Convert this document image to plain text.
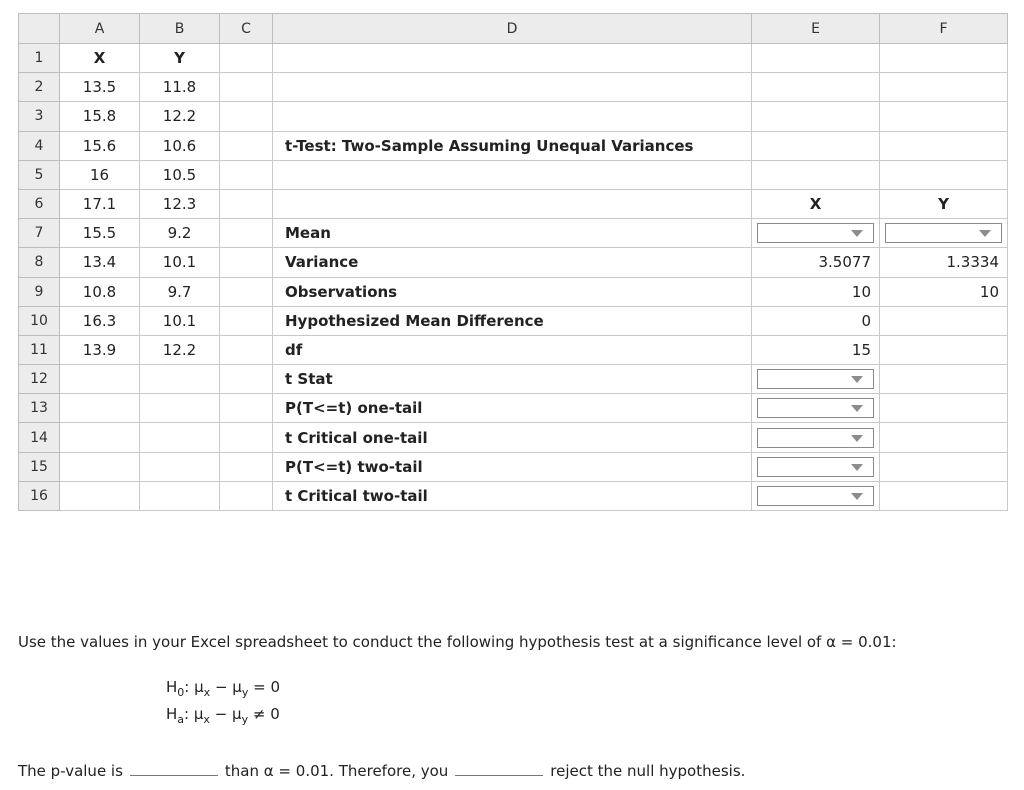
	A	B	C	D	E	F
1	X	Y				
2	13.5	11.8				
3	15.8	12.2				
4	15.6	10.6		t-Test: Two-Sample Assuming Unequal Variances		
5	16	10.5				
6	17.1	12.3			X	Y
7	15.5	9.2		Mean	

8	13.4	10.1		Variance	3.5077	1.3334
9	10.8	9.7		Observations	10	10
10	16.3	10.1		Hypothesized Mean Difference	0	
11	13.9	12.2		df	15	
12				t Stat	

13				P(T<=t) one-tail	

14				t Critical one-tail	

15				P(T<=t) two-tail	

16				t Critical two-tail	

Use the values in your Excel spreadsheet to conduct the following hypothesis test at a significance level of α = 0.01:
$H_0$: $\mu_x - \mu_y = 0$
$H_a$: $\mu_x - \mu_y \ne 0$
The p-value is	than α = 0.01. Therefore, you	reject the null hypothesis.
